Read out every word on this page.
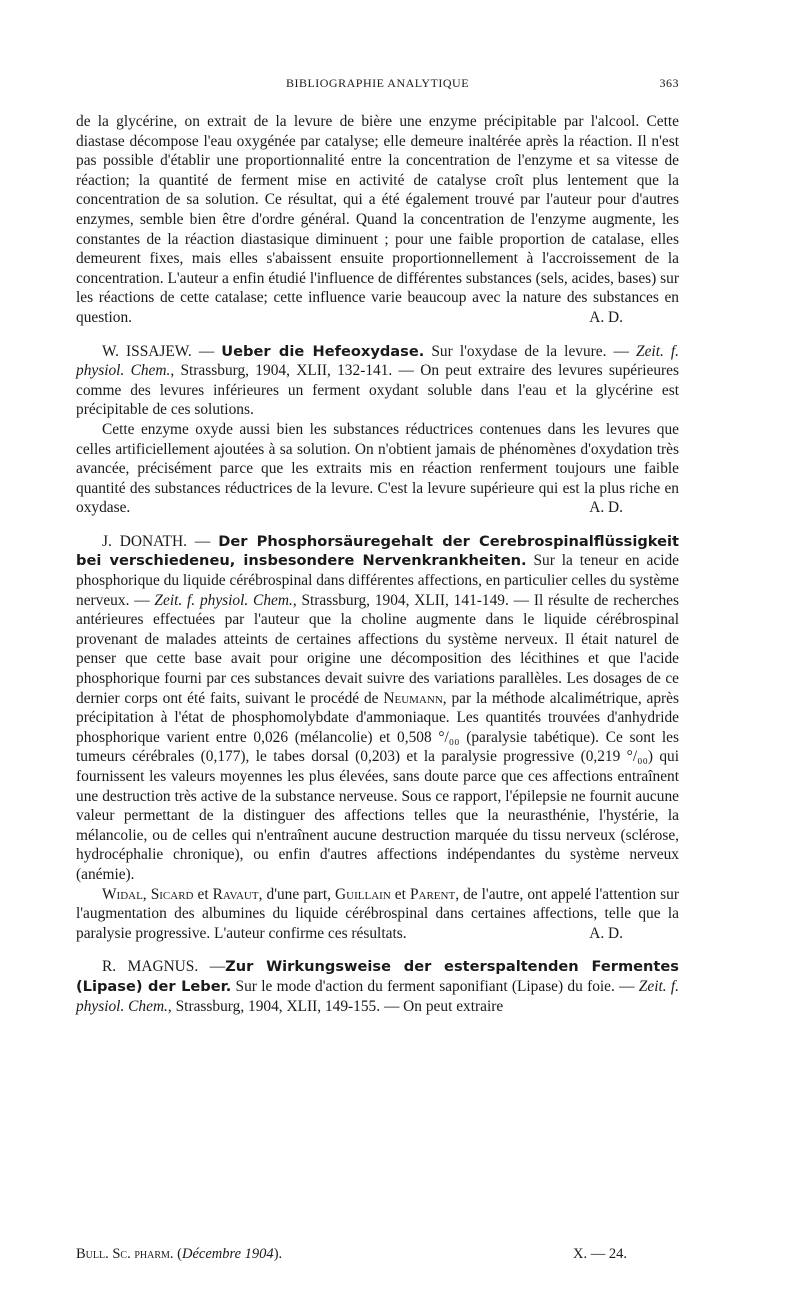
BIBLIOGRAPHIE ANALYTIQUE	363

de la glycérine, on extrait de la levure de bière une enzyme précipitable par l'alcool. Cette diastase décompose l'eau oxygénée par catalyse; elle demeure inaltérée après la réaction. Il n'est pas possible d'établir une proportionnalité entre la concentration de l'enzyme et sa vitesse de réaction; la quantité de ferment mise en activité de catalyse croît plus lentement que la concentration de sa solution. Ce résultat, qui a été également trouvé par l'auteur pour d'autres enzymes, semble bien être d'ordre général. Quand la concentration de l'enzyme augmente, les constantes de la réaction diastasique diminuent ; pour une faible proportion de catalase, elles demeurent fixes, mais elles s'abaissent ensuite proportionnellement à l'accroissement de la concentration. L'auteur a enfin étudié l'influence de différentes substances (sels, acides, bases) sur les réactions de cette catalase; cette influence varie beaucoup avec la nature des substances en question.	A. D.

W. ISSAJEW. — Ueber die Hefeoxydase. Sur l'oxydase de la levure. — Zeit. f. physiol. Chem., Strassburg, 1904, XLII, 132-141. — On peut extraire des levures supérieures comme des levures inférieures un ferment oxydant soluble dans l'eau et la glycérine est précipitable de ces solutions.

Cette enzyme oxyde aussi bien les substances réductrices contenues dans les levures que celles artificiellement ajoutées à sa solution. On n'obtient jamais de phénomènes d'oxydation très avancée, précisément parce que les extraits mis en réaction renferment toujours une faible quantité des substances réductrices de la levure. C'est la levure supérieure qui est la plus riche en oxydase.	A. D.

J. DONATH. — Der Phosphorsäuregehalt der Cerebrospinalflüssigkeit bei verschiedeneu, insbesondere Nervenkrankheiten. Sur la teneur en acide phosphorique du liquide cérébrospinal dans différentes affections, en particulier celles du système nerveux. — Zeit. f. physiol. Chem., Strassburg, 1904, XLII, 141-149. — Il résulte de recherches antérieures effectuées par l'auteur que la choline augmente dans le liquide cérébrospinal provenant de malades atteints de certaines affections du système nerveux. Il était naturel de penser que cette base avait pour origine une décomposition des lécithines et que l'acide phosphorique fourni par ces substances devait suivre des variations parallèles. Les dosages de ce dernier corps ont été faits, suivant le procédé de Neumann, par la méthode alcalimétrique, après précipitation à l'état de phosphomolybdate d'ammoniaque. Les quantités trouvées d'anhydride phosphorique varient entre 0,026 (mélancolie) et 0,508 °/₀₀ (paralysie tabétique). Ce sont les tumeurs cérébrales (0,177), le tabes dorsal (0,203) et la paralysie progressive (0,219 °/₀₀) qui fournissent les valeurs moyennes les plus élevées, sans doute parce que ces affections entraînent une destruction très active de la substance nerveuse. Sous ce rapport, l'épilepsie ne fournit aucune valeur permettant de la distinguer des affections telles que la neurasthénie, l'hystérie, la mélancolie, ou de celles qui n'entraînent aucune destruction marquée du tissu nerveux (sclérose, hydrocéphalie chronique), ou enfin d'autres affections indépendantes du système nerveux (anémie).

Widal, Sicard et Ravaut, d'une part, Guillain et Parent, de l'autre, ont appelé l'attention sur l'augmentation des albumines du liquide cérébrospinal dans certaines affections, telle que la paralysie progressive. L'auteur confirme ces résultats.	A. D.

R. MAGNUS. —Zur Wirkungsweise der esterspaltenden Fermentes (Lipase) der Leber. Sur le mode d'action du ferment saponifiant (Lipase) du foie. — Zeit. f. physiol. Chem., Strassburg, 1904, XLII, 149-155. — On peut extraire

Bull. Sc. pharm. (Décembre 1904).	X. — 24.
